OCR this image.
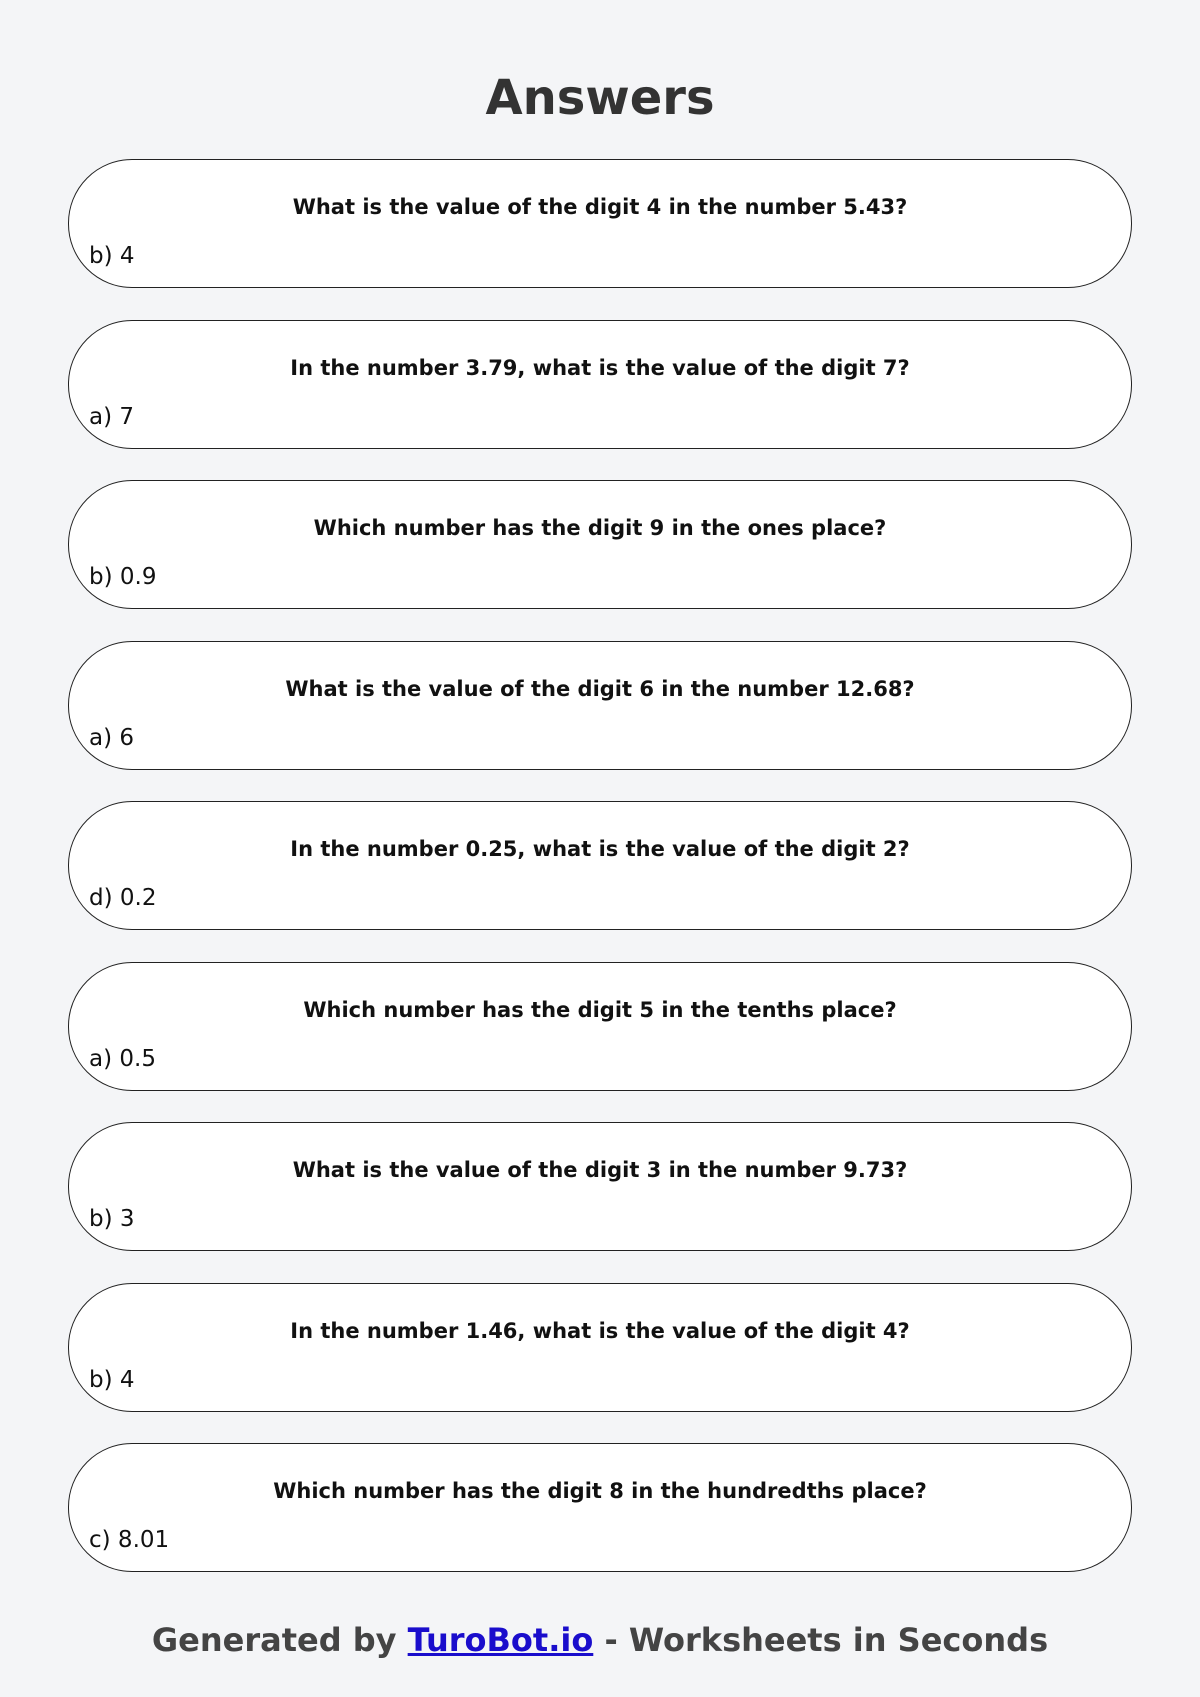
Answers
What is the value of the digit 4 in the number 5.43?
b) 4
In the number 3.79, what is the value of the digit 7?
a) 7
Which number has the digit 9 in the ones place?
b) 0.9
What is the value of the digit 6 in the number 12.68?
a) 6
In the number 0.25, what is the value of the digit 2?
d) 0.2
Which number has the digit 5 in the tenths place?
a) 0.5
What is the value of the digit 3 in the number 9.73?
b) 3
In the number 1.46, what is the value of the digit 4?
b) 4
Which number has the digit 8 in the hundredths place?
c) 8.01
Generated by TuroBot.io - Worksheets in Seconds
